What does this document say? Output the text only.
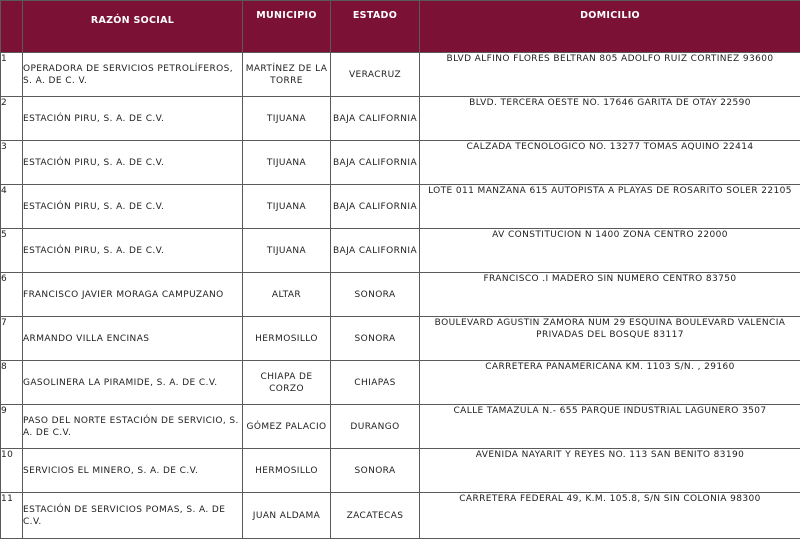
	RAZÓN SOCIAL	MUNICIPIO	ESTADO	DOMICILIO
1	OPERADORA DE SERVICIOS PETROLÍFEROS, S. A. DE C. V.	MARTÍNEZ DE LA TORRE	VERACRUZ	BLVD ALFINO FLORES BELTRAN 805 ADOLFO RUIZ CORTINEZ 93600
2	ESTACIÓN PIRU, S. A. DE C.V.	TIJUANA	BAJA CALIFORNIA	BLVD. TERCERA OESTE NO. 17646 GARITA DE OTAY 22590
3	ESTACIÓN PIRU, S. A. DE C.V.	TIJUANA	BAJA CALIFORNIA	CALZADA TECNOLOGICO NO. 13277 TOMAS AQUINO 22414
4	ESTACIÓN PIRU, S. A. DE C.V.	TIJUANA	BAJA CALIFORNIA	LOTE 011 MANZANA 615 AUTOPISTA A PLAYAS DE ROSARITO SOLER 22105
5	ESTACIÓN PIRU, S. A. DE C.V.	TIJUANA	BAJA CALIFORNIA	AV CONSTITUCION N 1400 ZONA CENTRO 22000
6	FRANCISCO JAVIER MORAGA CAMPUZANO	ALTAR	SONORA	FRANCISCO .I MADERO SIN NUMERO CENTRO 83750
7	ARMANDO VILLA ENCINAS	HERMOSILLO	SONORA	BOULEVARD AGUSTIN ZAMORA NUM 29 ESQUINA BOULEVARD VALENCIA PRIVADAS DEL BOSQUE 83117
8	GASOLINERA LA PIRAMIDE, S. A. DE C.V.	CHIAPA DE CORZO	CHIAPAS	CARRETERA PANAMERICANA KM. 1103 S/N. , 29160
9	PASO DEL NORTE ESTACIÓN DE SERVICIO, S. A. DE C.V.	GÓMEZ PALACIO	DURANGO	CALLE TAMAZULA N.- 655 PARQUE INDUSTRIAL LAGUNERO 3507
10	SERVICIOS EL MINERO, S. A. DE C.V.	HERMOSILLO	SONORA	AVENIDA NAYARIT Y REYES NO. 113 SAN BENITO 83190
11	ESTACIÓN DE SERVICIOS POMAS, S. A. DE C.V.	JUAN ALDAMA	ZACATECAS	CARRETERA FEDERAL 49, K.M. 105.8, S/N SIN COLONIA 98300
